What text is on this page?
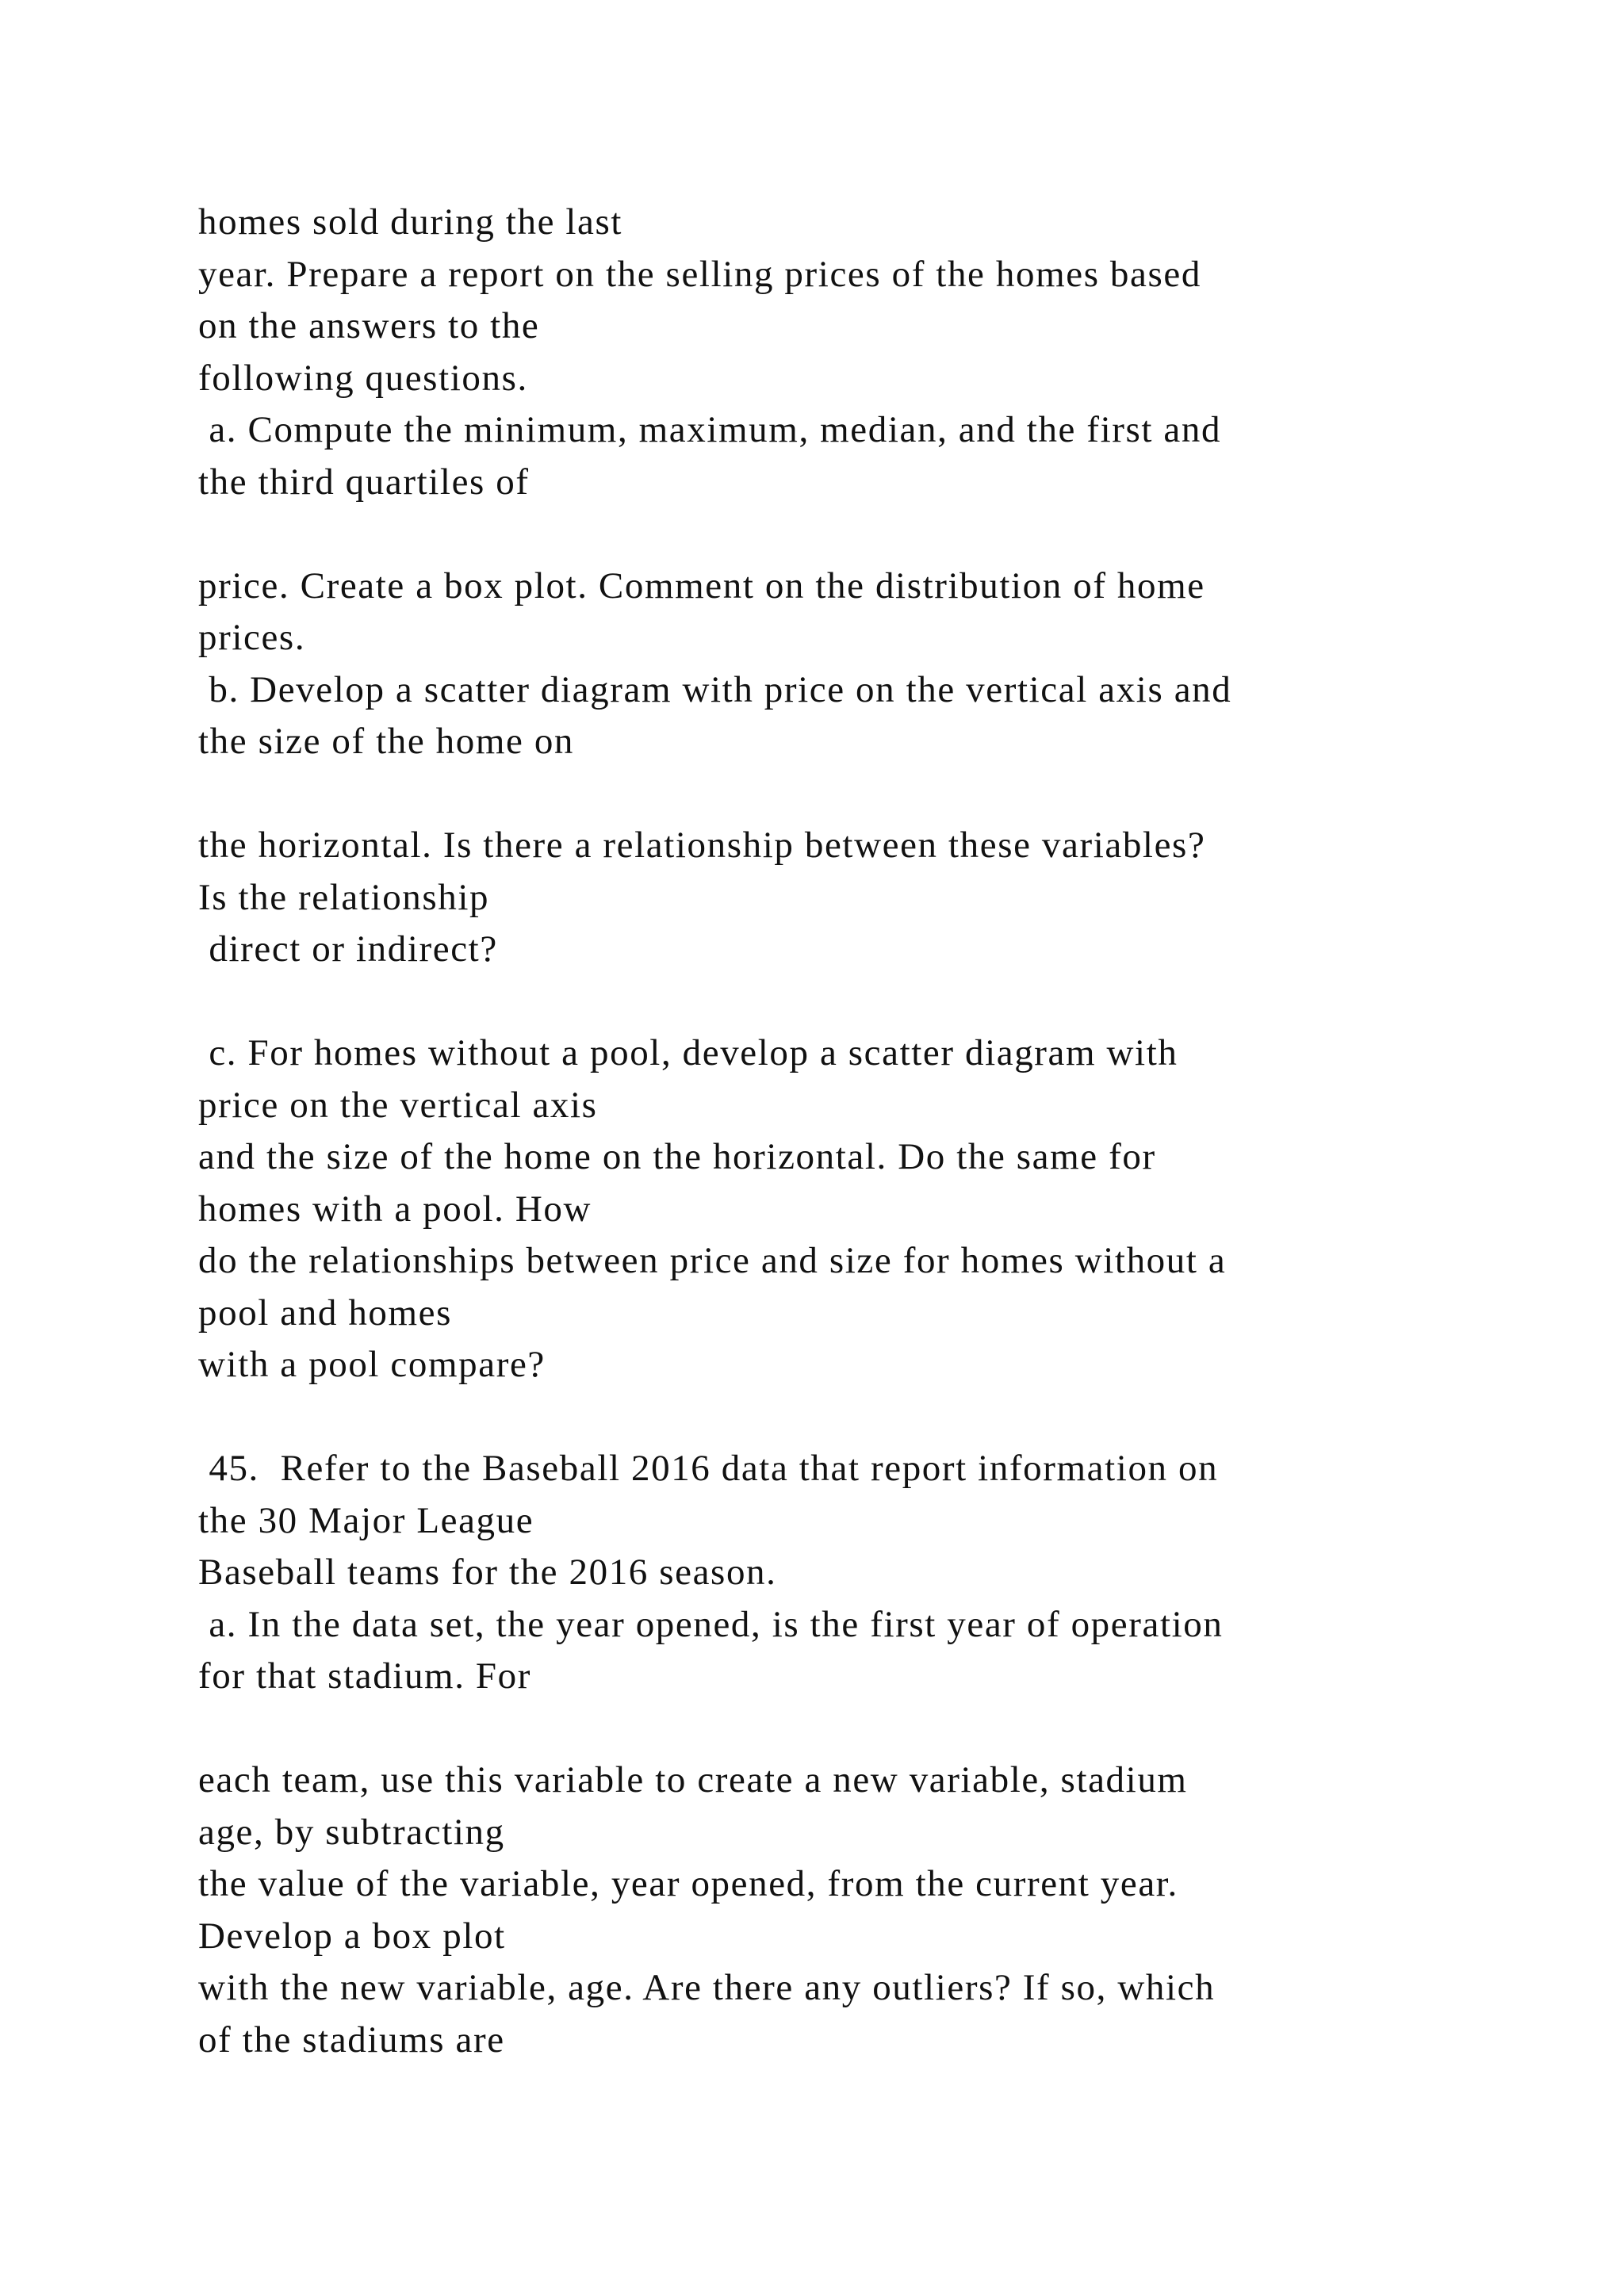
homes sold during the last
year. Prepare a report on the selling prices of the homes based
on the answers to the
following questions.
a. Compute the minimum, maximum, median, and the first and
the third quartiles of
price. Create a box plot. Comment on the distribution of home
prices.
b. Develop a scatter diagram with price on the vertical axis and
the size of the home on
the horizontal. Is there a relationship between these variables?
Is the relationship
direct or indirect?
c. For homes without a pool, develop a scatter diagram with
price on the vertical axis
and the size of the home on the horizontal. Do the same for
homes with a pool. How
do the relationships between price and size for homes without a
pool and homes
with a pool compare?
45.  Refer to the Baseball 2016 data that report information on
the 30 Major League
Baseball teams for the 2016 season.
a. In the data set, the year opened, is the first year of operation
for that stadium. For
each team, use this variable to create a new variable, stadium
age, by subtracting
the value of the variable, year opened, from the current year.
Develop a box plot
with the new variable, age. Are there any outliers? If so, which
of the stadiums are
